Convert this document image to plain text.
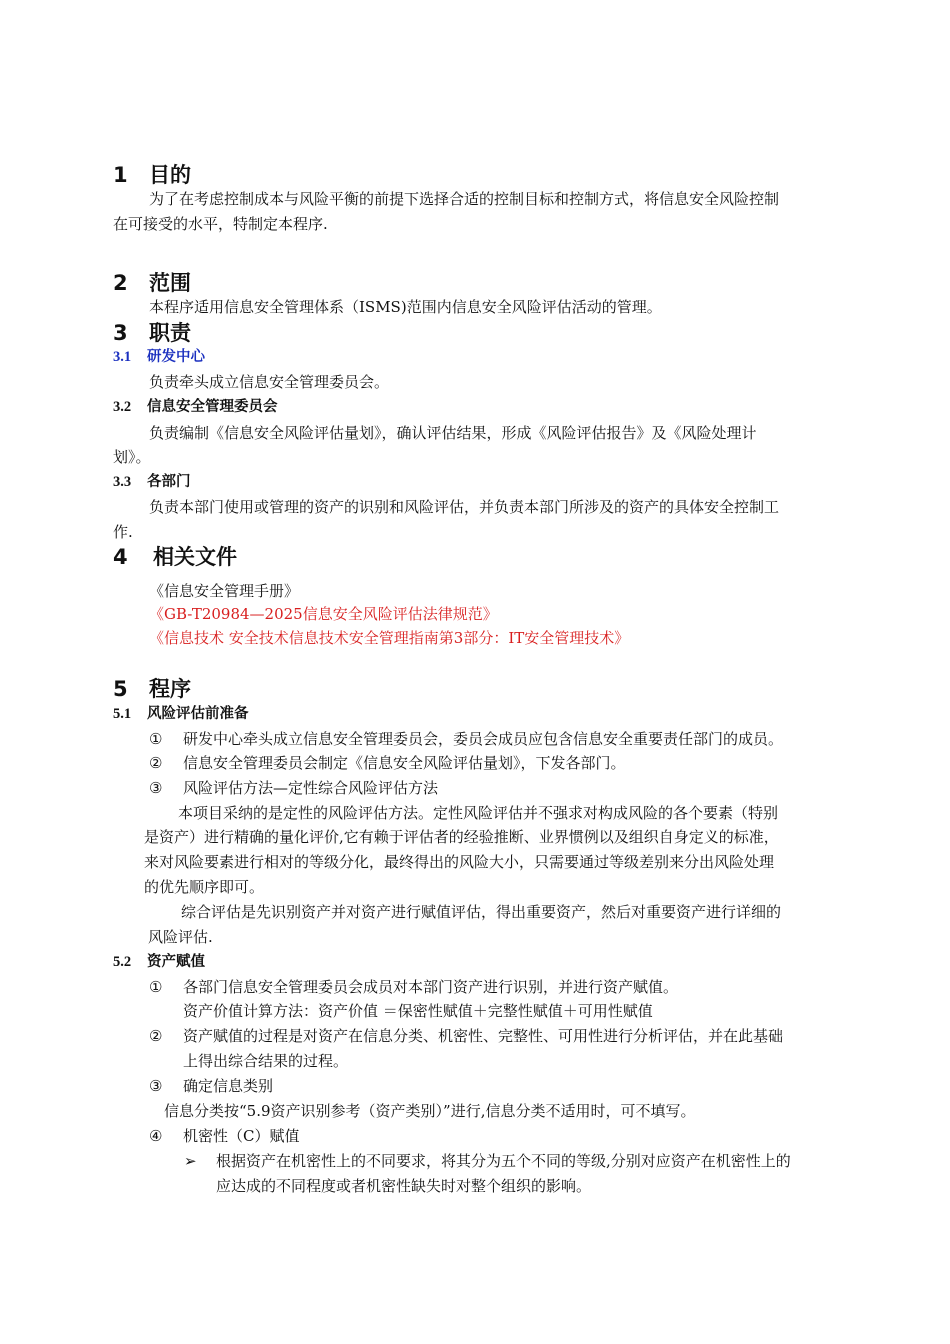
1 目的
为了在考虑控制成本与风险平衡的前提下选择合适的控制目标和控制方式，将信息安全风险控制
在可接受的水平，特制定本程序.
2 范围
本程序适用信息安全管理体系（ISMS)范围内信息安全风险评估活动的管理。
3 职责
3.1 研发中心
负责牵头成立信息安全管理委员会。
3.2 信息安全管理委员会
负责编制《信息安全风险评估量划》，确认评估结果，形成《风险评估报告》及《风险处理计
划》。
3.3 各部门
负责本部门使用或管理的资产的识别和风险评估，并负责本部门所涉及的资产的具体安全控制工
作.
4 相关文件
《信息安全管理手册》
《GB-T20984—2025信息安全风险评估法律规范》
《信息技术 安全技术信息技术安全管理指南第3部分：IT安全管理技术》
5 程序
5.1 风险评估前准备
① 研发中心牵头成立信息安全管理委员会，委员会成员应包含信息安全重要责任部门的成员。
② 信息安全管理委员会制定《信息安全风险评估量划》，下发各部门。
③ 风险评估方法—定性综合风险评估方法
本项目采纳的是定性的风险评估方法。定性风险评估并不强求对构成风险的各个要素（特别
是资产）进行精确的量化评价,它有赖于评估者的经验推断、业界惯例以及组织自身定义的标准，
来对风险要素进行相对的等级分化，最终得出的风险大小，只需要通过等级差别来分出风险处理
的优先顺序即可。
综合评估是先识别资产并对资产进行赋值评估，得出重要资产，然后对重要资产进行详细的
风险评估.
5.2 资产赋值
① 各部门信息安全管理委员会成员对本部门资产进行识别，并进行资产赋值。
资产价值计算方法：资产价值 ＝保密性赋值＋完整性赋值＋可用性赋值
② 资产赋值的过程是对资产在信息分类、机密性、完整性、可用性进行分析评估，并在此基础
上得出综合结果的过程。
③ 确定信息类别
信息分类按“5.9资产识别参考（资产类别）”进行,信息分类不适用时，可不填写。
④ 机密性（C）赋值
➢ 根据资产在机密性上的不同要求，将其分为五个不同的等级,分别对应资产在机密性上的
应达成的不同程度或者机密性缺失时对整个组织的影响。
